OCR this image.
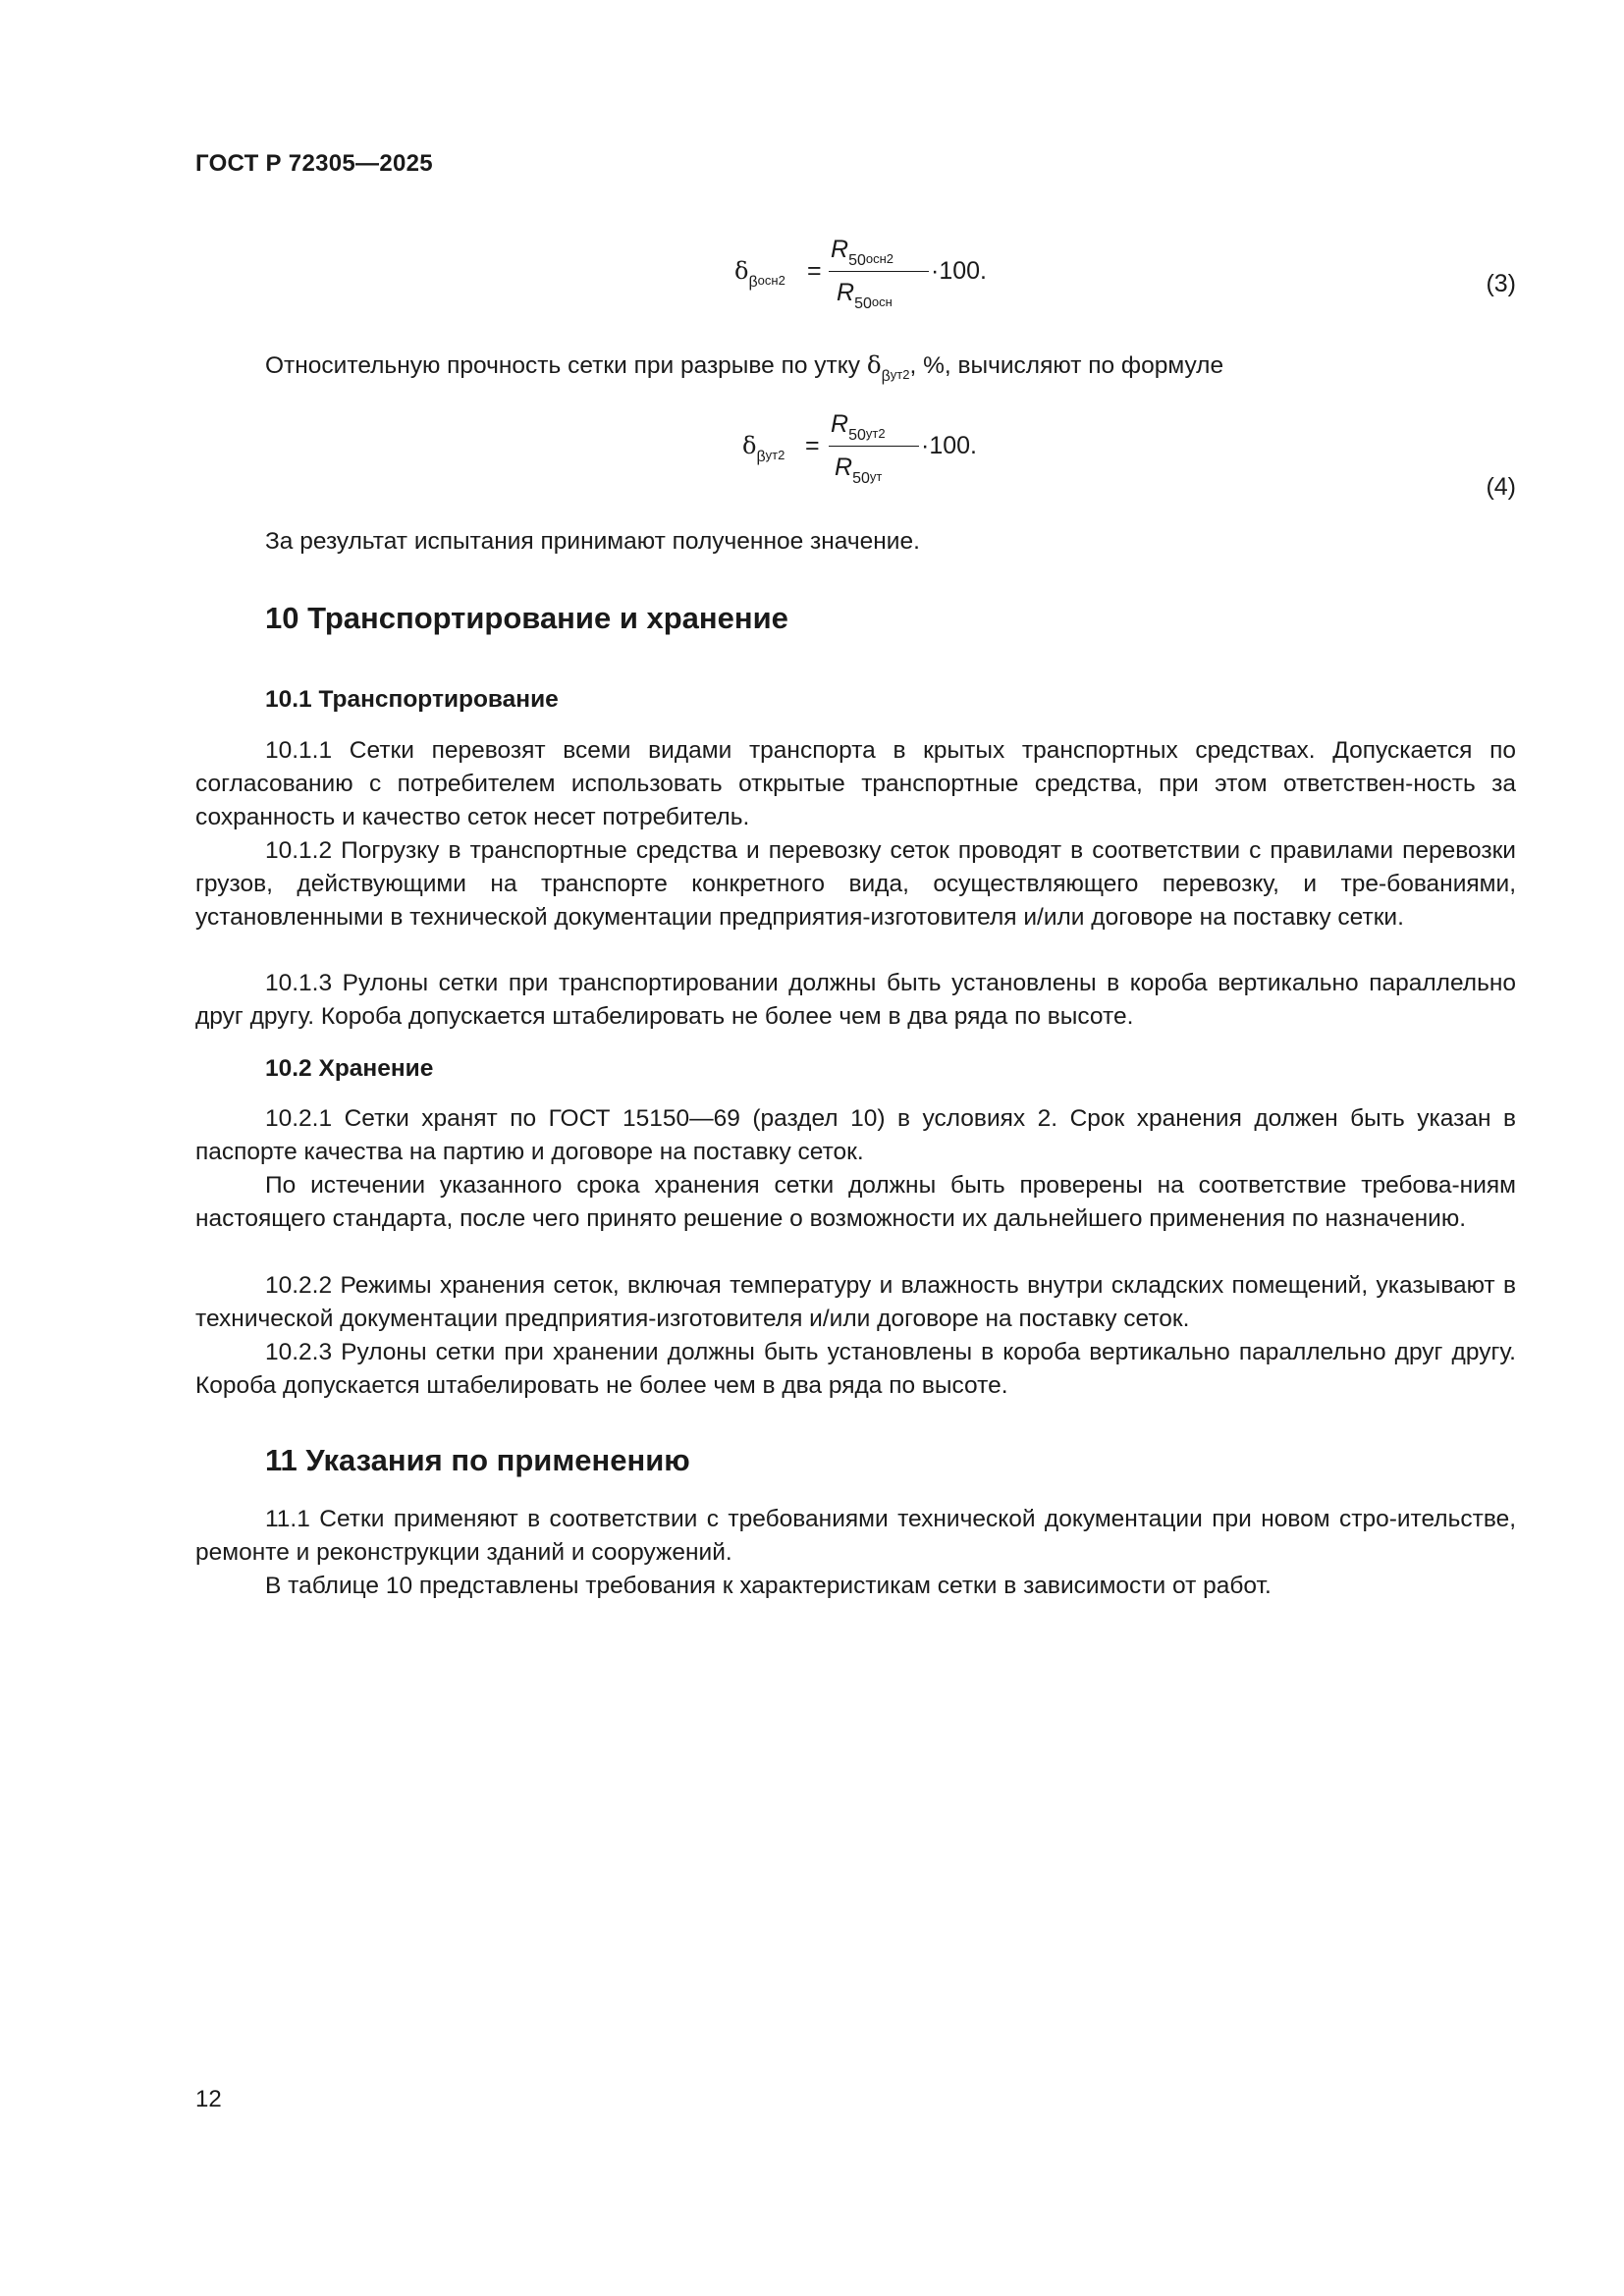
ГОСТ Р 72305—2025
$\delta_{\beta осн2}$ =
$R_{50осн2}$
$R_{50осн}$
·100.	(3)

Относительную прочность сетки при разрыве по утку $\delta_{\beta ут2}$, %, вычисляют по формуле

$\delta_{\beta ут2}$ =
$R_{50ут2}$
$R_{50ут}$
·100.
(4)

За результат испытания принимают полученное значение.

10 Транспортирование и хранение
10.1 Транспортирование

10.1.1 Сетки перевозят всеми видами транспорта в крытых транспортных средствах. Допускается по согласованию с потребителем использовать открытые транспортные средства, при этом ответствен-ность за сохранность и качество сеток несет потребитель.

10.1.2 Погрузку в транспортные средства и перевозку сеток проводят в соответствии с правилами перевозки грузов, действующими на транспорте конкретного вида, осуществляющего перевозку, и тре-бованиями, установленными в технической документации предприятия-изготовителя и/или договоре на поставку сетки.

10.1.3 Рулоны сетки при транспортировании должны быть установлены в короба вертикально параллельно друг другу. Короба допускается штабелировать не более чем в два ряда по высоте.

10.2 Хранение

10.2.1 Сетки хранят по ГОСТ 15150—69 (раздел 10) в условиях 2. Срок хранения должен быть указан в паспорте качества на партию и договоре на поставку сеток.

По истечении указанного срока хранения сетки должны быть проверены на соответствие требова-ниям настоящего стандарта, после чего принято решение о возможности их дальнейшего применения по назначению.

10.2.2 Режимы хранения сеток, включая температуру и влажность внутри складских помещений, указывают в технической документации предприятия-изготовителя и/или договоре на поставку сеток.

10.2.3 Рулоны сетки при хранении должны быть установлены в короба вертикально параллельно друг другу. Короба допускается штабелировать не более чем в два ряда по высоте.

11 Указания по применению

11.1 Сетки применяют в соответствии с требованиями технической документации при новом стро-ительстве, ремонте и реконструкции зданий и сооружений.

В таблице 10 представлены требования к характеристикам сетки в зависимости от работ.

12
